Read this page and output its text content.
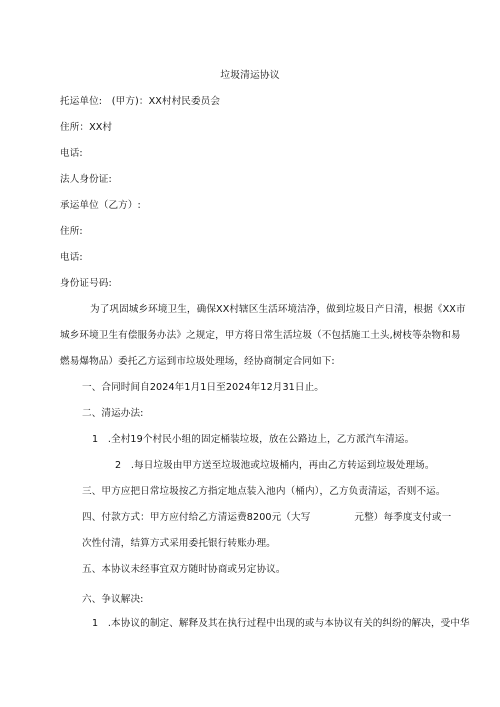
垃圾清运协议
托运单位:　(甲方)：XX村村民委员会
住所：XX村
电话:
法人身份证:
承运单位（乙方）:
住所:
电话:
身份证号码:
为了巩固城乡环境卫生，确保XX村辖区生活环境洁净，做到垃圾日产日清，根据《XX市
城乡环境卫生有偿服务办法》之规定，甲方将日常生活垃圾（不包括施工土头,树枝等杂物和易
燃易爆物品）委托乙方运到市垃圾处理场，经协商制定合同如下:
一、合同时间自2024年1月1日至2024年12月31日止。
二、清运办法:
1　.全村19个村民小组的固定桶装垃圾，放在公路边上，乙方派汽车清运。
2　.每日垃圾由甲方送至垃圾池或垃圾桶内，再由乙方转运到垃圾处理场。
三、甲方应把日常垃圾按乙方指定地点装入池内（桶内），乙方负责清运，否则不运。
四、付款方式：甲方应付给乙方清运费8200元（大写	元整）每季度支付或一
次性付清，结算方式采用委托银行转账办理。
五、本协议未经事宜双方随时协商或另定协议。
六、争议解决:
1　.本协议的制定、解释及其在执行过程中出现的或与本协议有关的纠纷的解决，受中华
